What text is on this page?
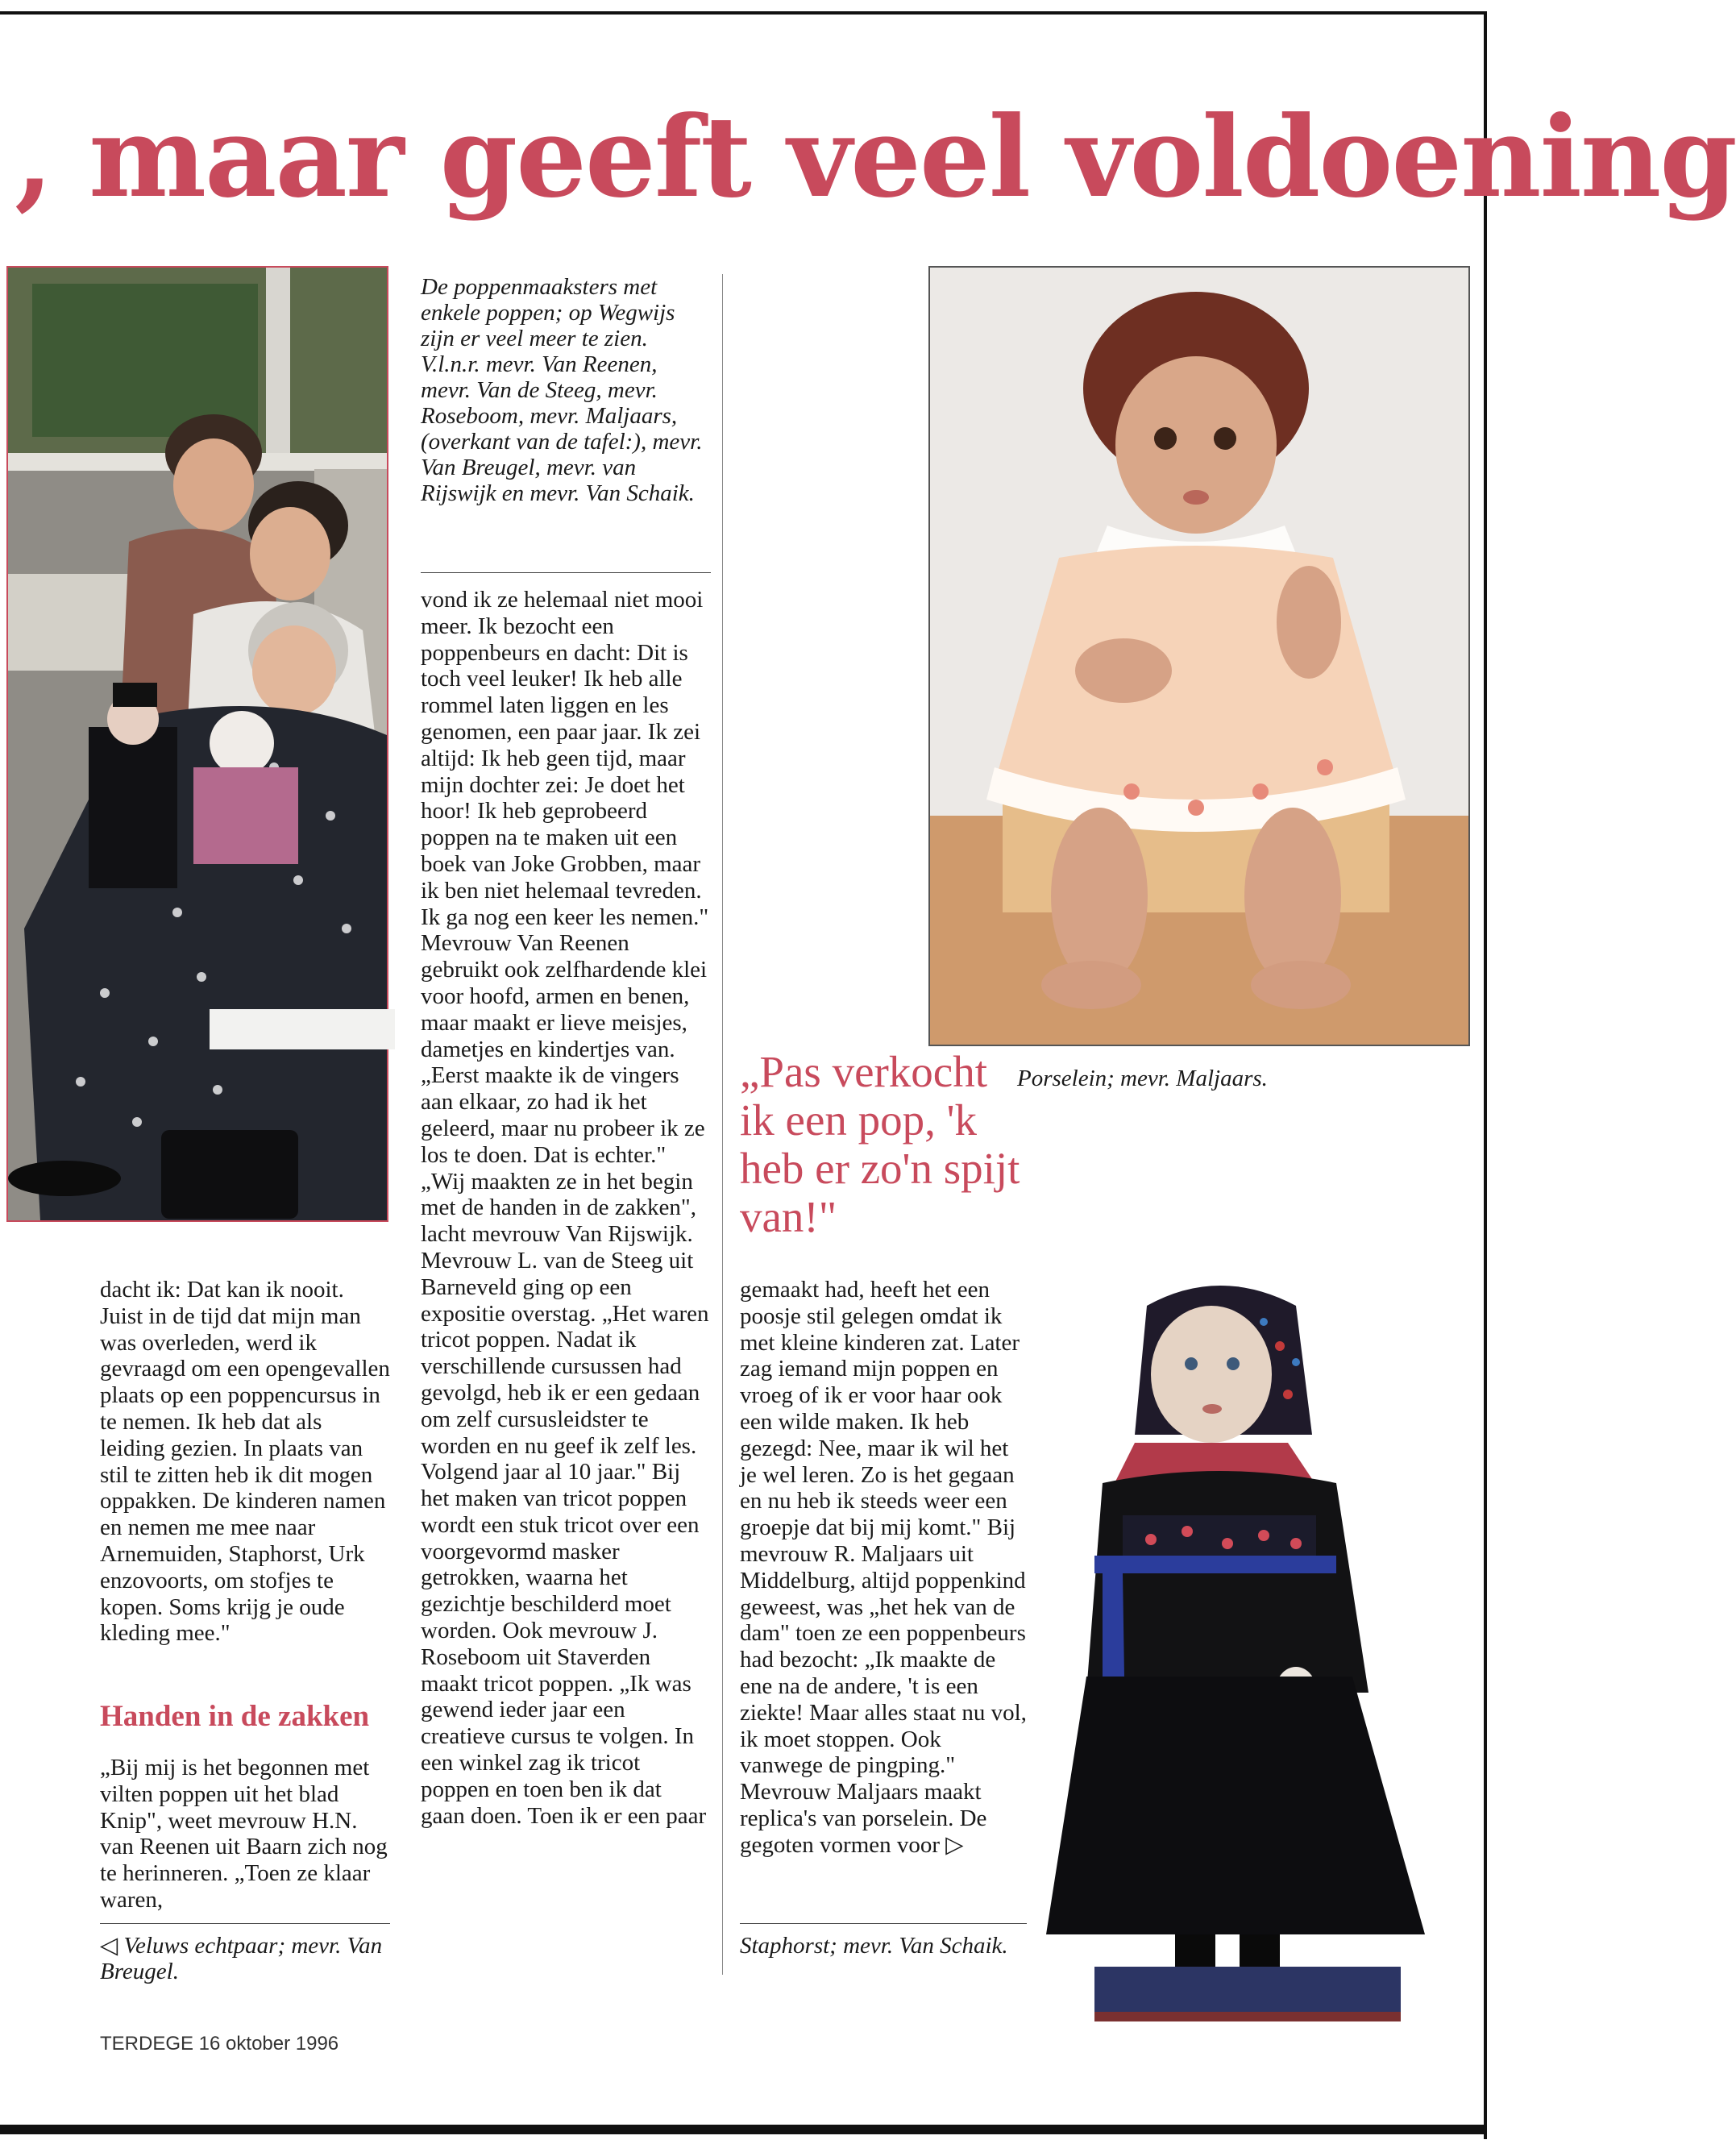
, maar geeft veel voldoening

De poppenmaaksters met enkele poppen; op Wegwijs zijn er veel meer te zien. V.l.n.r. mevr. Van Reenen, mevr. Van de Steeg, mevr. Roseboom, mevr. Maljaars, (overkant van de tafel:), mevr. Van Breugel, mevr. van Rijswijk en mevr. Van Schaik.

vond ik ze helemaal niet mooi meer. Ik bezocht een poppenbeurs en dacht: Dit is toch veel leuker! Ik heb alle rommel laten liggen en les genomen, een paar jaar. Ik zei altijd: Ik heb geen tijd, maar mijn dochter zei: Je doet het hoor! Ik heb geprobeerd poppen na te maken uit een boek van Joke Grobben, maar ik ben niet helemaal tevreden. Ik ga nog een keer les nemen." Mevrouw Van Reenen gebruikt ook zelfhardende klei voor hoofd, armen en benen, maar maakt er lieve meisjes, dametjes en kindertjes van. „Eerst maakte ik de vingers aan elkaar, zo had ik het geleerd, maar nu probeer ik ze los te doen. Dat is echter." „Wij maakten ze in het begin met de handen in de zakken", lacht mevrouw Van Rijswijk. Mevrouw L. van de Steeg uit Barneveld ging op een expositie overstag. „Het waren tricot poppen. Nadat ik verschillende cursussen had gevolgd, heb ik er een gedaan om zelf cursusleidster te worden en nu geef ik zelf les. Volgend jaar al 10 jaar." Bij het maken van tricot poppen wordt een stuk tricot over een voorgevormd masker getrokken, waarna het gezichtje beschilderd moet worden. Ook mevrouw J. Roseboom uit Staverden maakt tricot poppen. „Ik was gewend ieder jaar een creatieve cursus te volgen. In een winkel zag ik tricot poppen en toen ben ik dat gaan doen. Toen ik er een paar

„Pas verkocht ik een pop, 'k heb er zo'n spijt van!"

Porselein; mevr. Maljaars.

dacht ik: Dat kan ik nooit. Juist in de tijd dat mijn man was overleden, werd ik gevraagd om een opengevallen plaats op een poppencursus in te nemen. Ik heb dat als leiding gezien. In plaats van stil te zitten heb ik dit mogen oppakken. De kinderen namen en nemen me mee naar Arnemuiden, Staphorst, Urk enzovoorts, om stofjes te kopen. Soms krijg je oude kleding mee."

Handen in de zakken

„Bij mij is het begonnen met vilten poppen uit het blad Knip", weet mevrouw H.N. van Reenen uit Baarn zich nog te herinneren. „Toen ze klaar waren,

◁ Veluws echtpaar; mevr. Van Breugel.

gemaakt had, heeft het een poosje stil gelegen omdat ik met kleine kinderen zat. Later zag iemand mijn poppen en vroeg of ik er voor haar ook een wilde maken. Ik heb gezegd: Nee, maar ik wil het je wel leren. Zo is het gegaan en nu heb ik steeds weer een groepje dat bij mij komt." Bij mevrouw R. Maljaars uit Middelburg, altijd poppenkind geweest, was „het hek van de dam" toen ze een poppenbeurs had bezocht: „Ik maakte de ene na de andere, 't is een ziekte! Maar alles staat nu vol, ik moet stoppen. Ook vanwege de pingping." Mevrouw Maljaars maakt replica's van porselein. De gegoten vormen voor ▷

Staphorst; mevr. Van Schaik.

TERDEGE 16 oktober 1996
